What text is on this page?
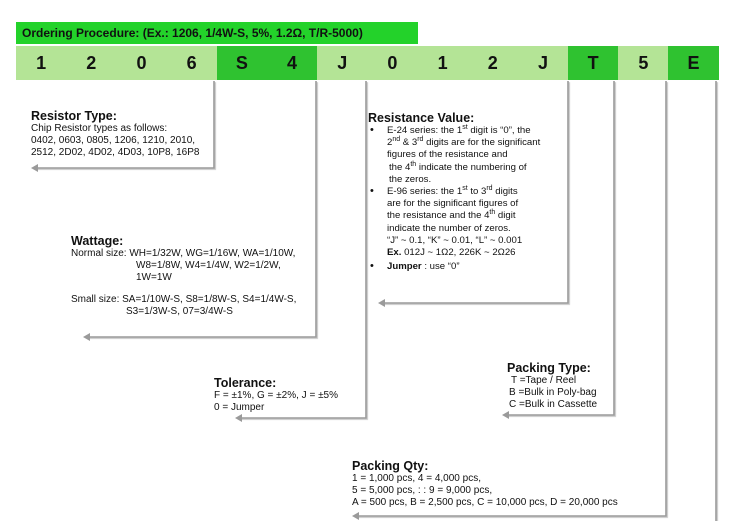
Ordering Procedure: (Ex.: 1206, 1/4W-S, 5%, 1.2Ω, T/R-5000)
1	2	0	6	S	4	J	0	1	2	J	T	5	E
Resistor Type:
Chip Resistor types as follows:
0402, 0603, 0805, 1206, 1210, 2010,
2512, 2D02, 4D02, 4D03, 10P8, 16P8
Wattage:
Normal size: WH=1/32W, WG=1/16W, WA=1/10W,
W8=1/8W, W4=1/4W, W2=1/2W,
1W=1W
Small size: SA=1/10W-S, S8=1/8W-S, S4=1/4W-S,
S3=1/3W-S, 07=3/4W-S
Tolerance:
F = ±1%, G = ±2%, J = ±5%
0 = Jumper
Resistance Value:
• E-24 series: the 1st digit is “0”, the
2nd & 3rd digits are for the significant
figures of the resistance and
the 4th indicate the numbering of
the zeros.
• E-96 series: the 1st to 3rd digits
are for the significant figures of
the resistance and the 4th digit
indicate the number of zeros.
“J” ~ 0.1, “K” ~ 0.01, “L” ~ 0.001
Ex. 012J ~ 1Ω2, 226K ~ 2Ω26
• Jumper : use “0”
Packing Type:
T =Tape / Reel
B =Bulk in Poly-bag
C =Bulk in Cassette
Packing Qty:
1 = 1,000 pcs, 4 = 4,000 pcs,
5 = 5,000 pcs, : : 9 = 9,000 pcs,
A = 500 pcs, B = 2,500 pcs, C = 10,000 pcs, D = 20,000 pcs
